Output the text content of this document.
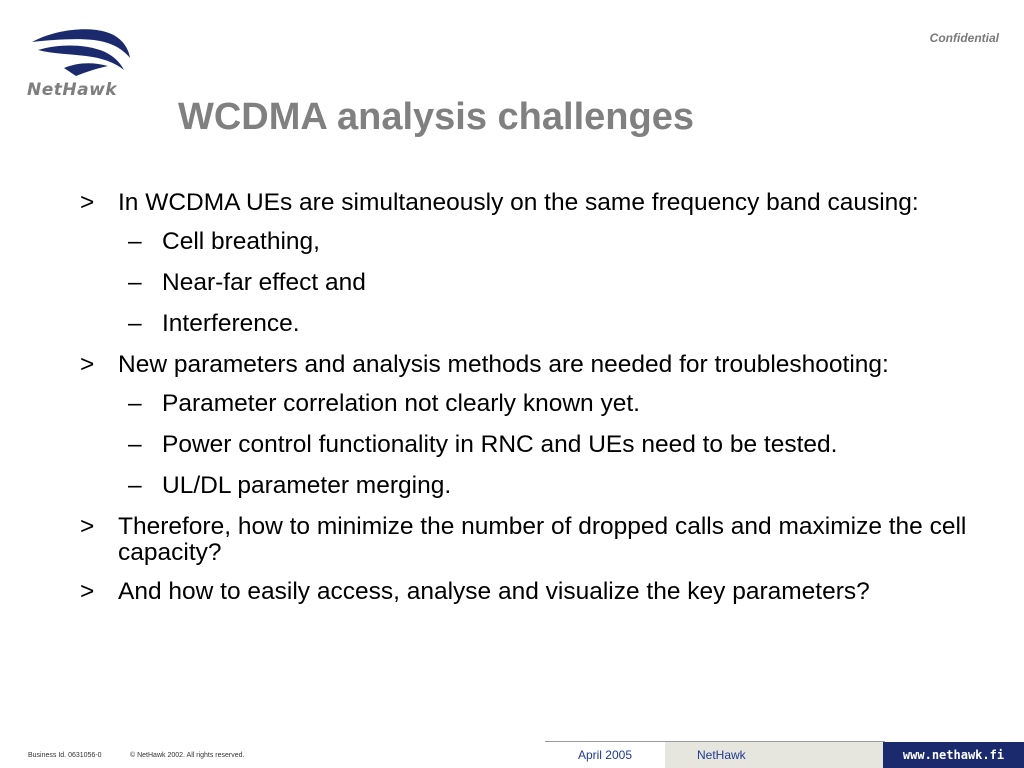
NetHawk
Confidential
WCDMA analysis challenges
> In WCDMA UEs are simultaneously on the same frequency band causing:
– Cell breathing,
– Near-far effect and
– Interference.
> New parameters and analysis methods are needed for troubleshooting:
– Parameter correlation not clearly known yet.
– Power control functionality in RNC and UEs need to be tested.
– UL/DL parameter merging.
> Therefore, how to minimize the number of dropped calls and maximize the cell capacity?
> And how to easily access, analyse and visualize the key parameters?
Business Id. 0631056-0	© NetHawk 2002. All rights reserved.	April 2005	NetHawk	www.nethawk.fi
